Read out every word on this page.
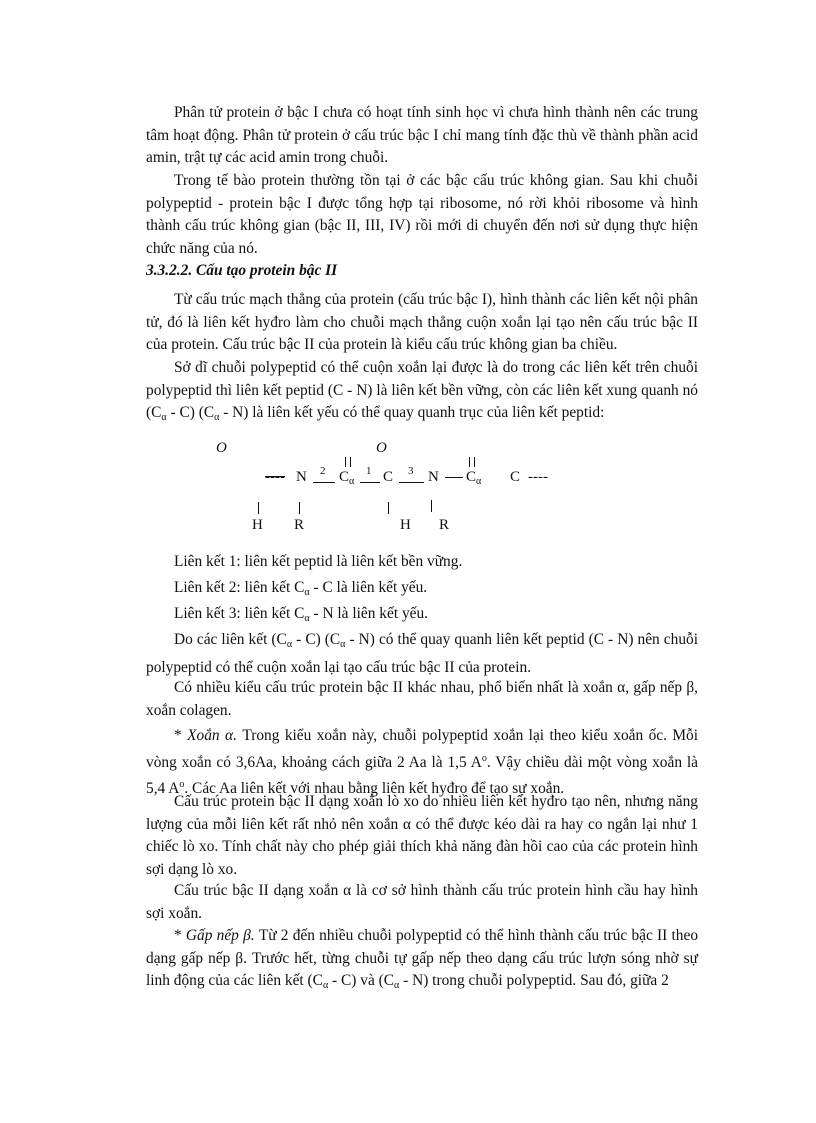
Phân tử protein ở bậc I chưa có hoạt tính sinh học vì chưa hình thành nên các trung tâm hoạt động. Phân tử protein ở cấu trúc bậc I chỉ mang tính đặc thù về thành phần acid amin, trật tự các acid amin trong chuỗi.

Trong tế bào protein thường tồn tại ở các bậc cấu trúc không gian. Sau khi chuỗi polypeptid - protein bậc I được tổng hợp tại ribosome, nó rời khỏi ribosome và hình thành cấu trúc không gian (bậc II, III, IV) rồi mới di chuyển đến nơi sử dụng thực hiện chức năng của nó.

3.3.2.2. Cấu tạo protein bậc II

Từ cấu trúc mạch thẳng của protein (cấu trúc bậc I), hình thành các liên kết nội phân tử, đó là liên kết hyđro làm cho chuỗi mạch thẳng cuộn xoắn lại tạo nên cấu trúc bậc II của protein. Cấu trúc bậc II của protein là kiểu cấu trúc không gian ba chiều.

Sở dĩ chuỗi polypeptid có thể cuộn xoắn lại được là do trong các liên kết trên chuỗi polypeptid thì liên kết peptid (C - N) là liên kết bền vững, còn các liên kết xung quanh nó $(C_\alpha - C)$ $(C_\alpha - N)$ là liên kết yếu có thể quay quanh trục của liên kết peptid:

O	O
---- N 2 $C_\alpha$
1 C 3 N $C_\alpha$ C ----
H R	H R

Liên kết 1: liên kết peptid là liên kết bền vững.

Liên kết 2: liên kết $C_\alpha$ - C là liên kết yếu.

Liên kết 3: liên kết $C_\alpha$ - N là liên kết yếu.

Do các liên kết $(C_\alpha - C)$ $(C_\alpha - N)$ có thể quay quanh liên kết peptid (C - N) nên chuỗi polypeptid có thể cuộn xoắn lại tạo cấu trúc bậc II của protein.

Có nhiều kiểu cấu trúc protein bậc II khác nhau, phổ biến nhất là xoắn α, gấp nếp β, xoắn colagen.

* Xoắn α. Trong kiểu xoắn này, chuỗi polypeptid xoắn lại theo kiểu xoắn ốc. Mỗi vòng xoắn có 3,6Aa, khoảng cách giữa 2 Aa là 1,5 $A^o$. Vậy chiều dài một vòng xoắn là 5,4 $A^o$. Các Aa liên kết với nhau bằng liên kết hyđro để tạo sự xoắn.

Cấu trúc protein bậc II dạng xoắn lò xo do nhiều liên kết hyđro tạo nên, nhưng năng lượng của mỗi liên kết rất nhỏ nên xoắn α có thể được kéo dài ra hay co ngắn lại như 1 chiếc lò xo. Tính chất này cho phép giải thích khả năng đàn hồi cao của các protein hình sợi dạng lò xo.

Cấu trúc bậc II dạng xoắn α là cơ sở hình thành cấu trúc protein hình cầu hay hình sợi xoắn.

* Gấp nếp β. Từ 2 đến nhiều chuỗi polypeptid có thể hình thành cấu trúc bậc II theo dạng gấp nếp β. Trước hết, từng chuỗi tự gấp nếp theo dạng cấu trúc lượn sóng nhờ sự linh động của các liên kết $(C_\alpha - C)$ và $(C_\alpha - N)$ trong chuỗi polypeptid. Sau đó, giữa 2
